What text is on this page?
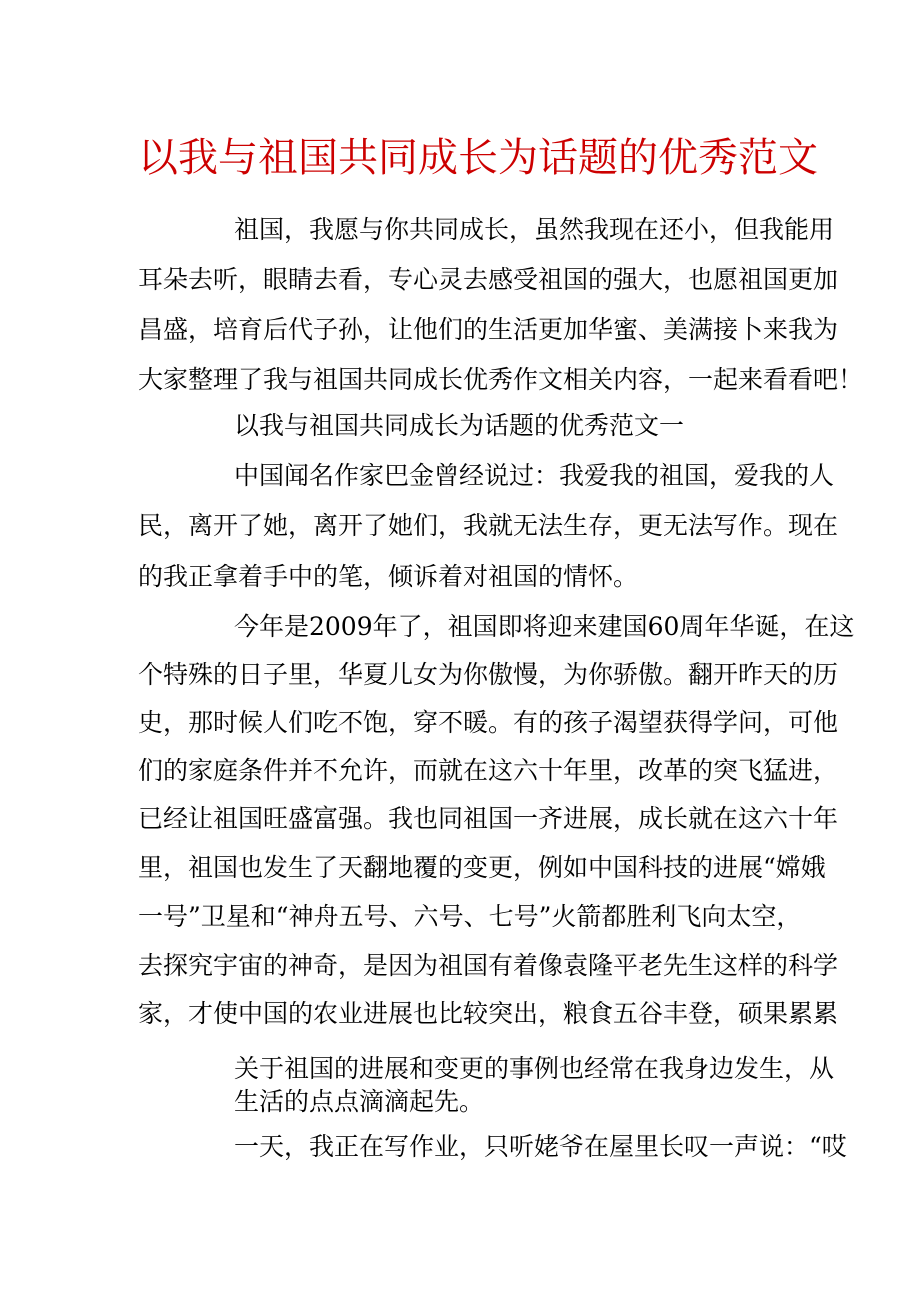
以我与祖国共同成长为话题的优秀范文
祖国，我愿与你共同成长，虽然我现在还小，但我能用
耳朵去听，眼睛去看，专心灵去感受祖国的强大，也愿祖国更加
昌盛，培育后代子孙，让他们的生活更加华蜜、美满接卜来我为
大家整理了我与祖国共同成长优秀作文相关内容，一起来看看吧！
以我与祖国共同成长为话题的优秀范文一
中国闻名作家巴金曾经说过：我爱我的祖国，爱我的人
民，离开了她，离开了她们，我就无法生存，更无法写作。现在
的我正拿着手中的笔，倾诉着对祖国的情怀。
今年是2009年了，祖国即将迎来建国60周年华诞，在这
个特殊的日子里，华夏儿女为你傲慢，为你骄傲。翻开昨天的历
史，那时候人们吃不饱，穿不暖。有的孩子渴望获得学问，可他
们的家庭条件并不允许，而就在这六十年里，改革的突飞猛进，
已经让祖国旺盛富强。我也同祖国一齐进展，成长就在这六十年
里，祖国也发生了天翻地覆的变更，例如中国科技的进展“嫦娥
一号”卫星和“神舟五号、六号、七号”火箭都胜利飞向太空，
去探究宇宙的神奇，是因为祖国有着像袁隆平老先生这样的科学
家，才使中国的农业进展也比较突出，粮食五谷丰登，硕果累累
关于祖国的进展和变更的事例也经常在我身边发生，从
生活的点点滴滴起先。
一天，我正在写作业，只听姥爷在屋里长叹一声说：“哎
